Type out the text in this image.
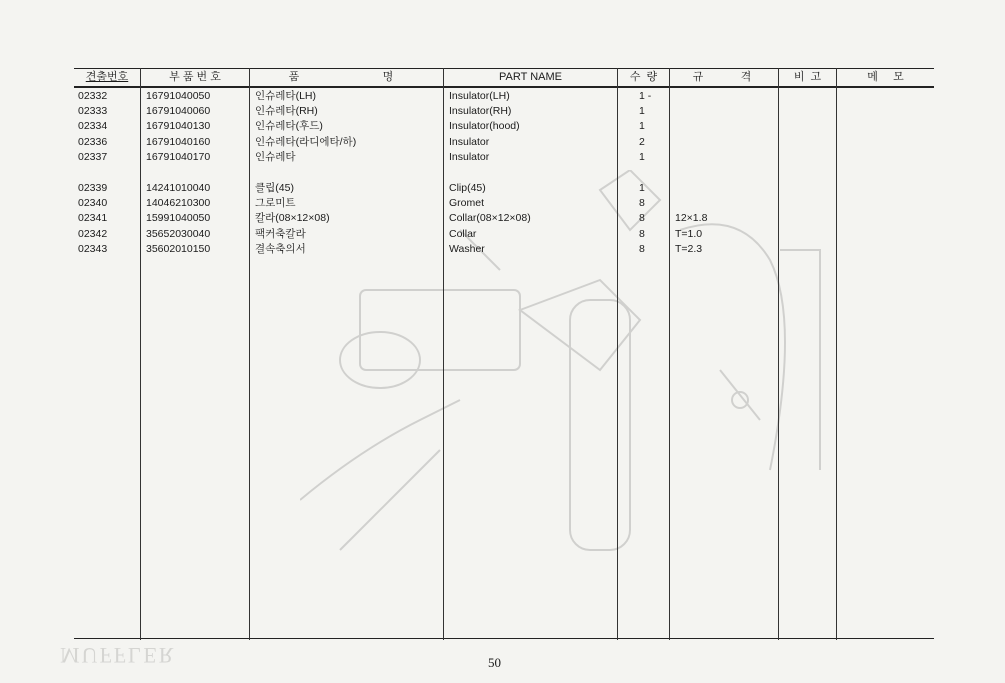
견출번호	부 품 번 호	품	명	PART NAME	수  량	규	격	비  고	메     모
02332	16791040050	인슈레타(LH)	Insulator(LH)	1 -
02333	16791040060	인슈레타(RH)	Insulator(RH)	1
02334	16791040130	인슈레타(후드)	Insulator(hood)	1
02336	16791040160	인슈레타(라디에타/하)	Insulator	2
02337	16791040170	인슈레타	Insulator	1
02339	14241010040	클립(45)	Clip(45)	1
02340	14046210300	그로미트	Gromet	8
02341	15991040050	칼라(08×12×08)	Collar(08×12×08)	8	12×1.8
02342	35652030040	팩커축칼라	Collar	8	T=1.0
02343	35602010150	결속축의서	Washer	8	T=2.3
MUFFLER	50
